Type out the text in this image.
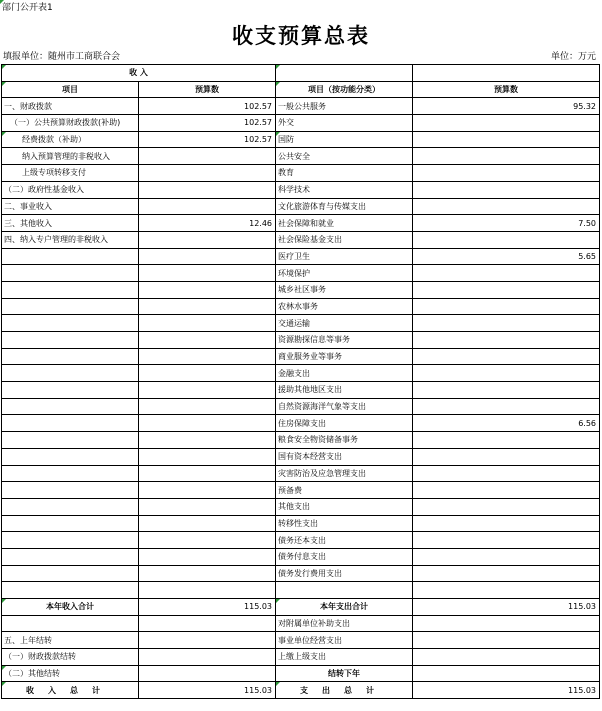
部门公开表1
收支预算总表
填报单位：随州市工商联合会	单位：万元
收 入			
项目	预算数	项目（按功能分类）	预算数
一、财政拨款	102.57	一般公共服务	95.32
（一）公共预算财政拨款(补助)	102.57	外交	
经费拨款（补助）	102.57	国防	
纳入预算管理的非税收入		公共安全	
上级专项转移支付		教育	
（二）政府性基金收入		科学技术	
二、事业收入		文化旅游体育与传媒支出	
三、其他收入	12.46	社会保障和就业	7.50
四、纳入专户管理的非税收入		社会保险基金支出	
		医疗卫生	5.65
		环境保护	
		城乡社区事务	
		农林水事务	
		交通运输	
		资源勘探信息等事务	
		商业服务业等事务	
		金融支出	
		援助其他地区支出	
		自然资源海洋气象等支出	
		住房保障支出	6.56
		粮食安全物资储备事务	
		国有资本经营支出	
		灾害防治及应急管理支出	
		预备费	
		其他支出	
		转移性支出	
		债务还本支出	
		债务付息支出	
		债务发行费用支出	

本年收入合计	115.03	本年支出合计	115.03
		对附属单位补助支出	
五、上年结转		事业单位经营支出	
（一）财政拨款结转		上缴上级支出	
（二）其他结转		结转下年	
收入总计	115.03	支出总计	115.03
